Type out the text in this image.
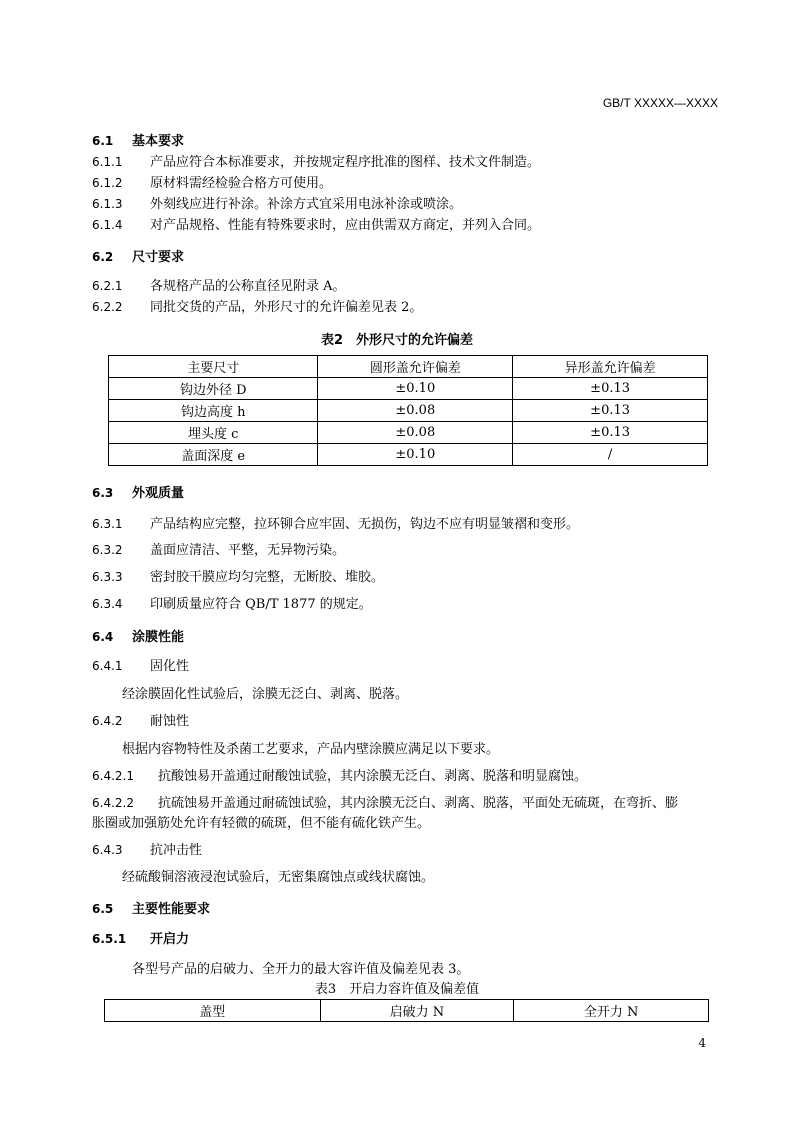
GB/T XXXXX—XXXX
6.1 基本要求
6.1.1 产品应符合本标准要求，并按规定程序批准的图样、技术文件制造。
6.1.2 原材料需经检验合格方可使用。
6.1.3 外刻线应进行补涂。补涂方式宜采用电泳补涂或喷涂。
6.1.4 对产品规格、性能有特殊要求时，应由供需双方商定，并列入合同。
6.2 尺寸要求
6.2.1 各规格产品的公称直径见附录 A。
6.2.2 同批交货的产品，外形尺寸的允许偏差见表 2。
表2　外形尺寸的允许偏差
主要尺寸	圆形盖允许偏差	异形盖允许偏差
钩边外径 D	±0.10	±0.13
钩边高度 h	±0.08	±0.13
埋头度 c	±0.08	±0.13
盖面深度 e	±0.10	/
6.3 外观质量
6.3.1 产品结构应完整，拉环铆合应牢固、无损伤，钩边不应有明显皱褶和变形。
6.3.2 盖面应清洁、平整，无异物污染。
6.3.3 密封胶干膜应均匀完整，无断胶、堆胶。
6.3.4 印刷质量应符合 QB/T 1877 的规定。
6.4 涂膜性能
6.4.1 固化性
经涂膜固化性试验后，涂膜无泛白、剥离、脱落。
6.4.2 耐蚀性
根据内容物特性及杀菌工艺要求，产品内壁涂膜应满足以下要求。
6.4.2.1 抗酸蚀易开盖通过耐酸蚀试验，其内涂膜无泛白、剥离、脱落和明显腐蚀。
6.4.2.2 抗硫蚀易开盖通过耐硫蚀试验，其内涂膜无泛白、剥离、脱落，平面处无硫斑，在弯折、膨
胀圈或加强筋处允许有轻微的硫斑，但不能有硫化铁产生。
6.4.3 抗冲击性
经硫酸铜溶液浸泡试验后，无密集腐蚀点或线状腐蚀。
6.5 主要性能要求
6.5.1 开启力
各型号产品的启破力、全开力的最大容许值及偏差见表 3。
表3　开启力容许值及偏差值
盖型	启破力 N	全开力 N
4
